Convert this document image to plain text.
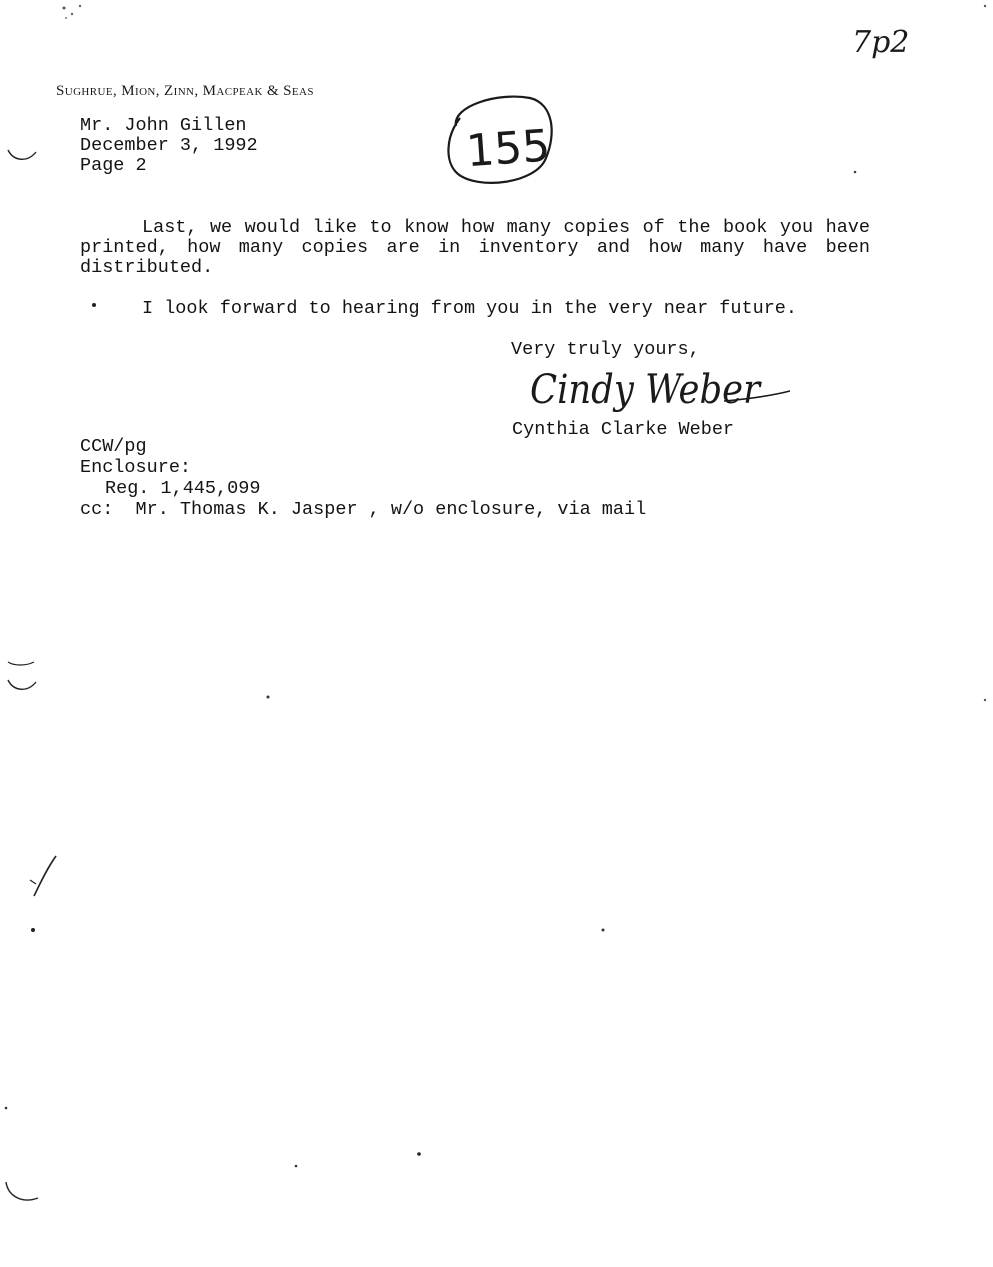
Sughrue, Mion, Zinn, Macpeak & Seas
Mr. John Gillen
December 3, 1992
Page 2	155
7p2
Last, we would like to know how many copies of the book you have printed, how many copies are in inventory and how many have been distributed.
I look forward to hearing from you in the very near future.
Very truly yours,
Cindy Weber
Cynthia Clarke Weber
CCW/pg
Enclosure:
Reg. 1,445,099
cc:  Mr. Thomas K. Jasper , w/o enclosure, via mail
